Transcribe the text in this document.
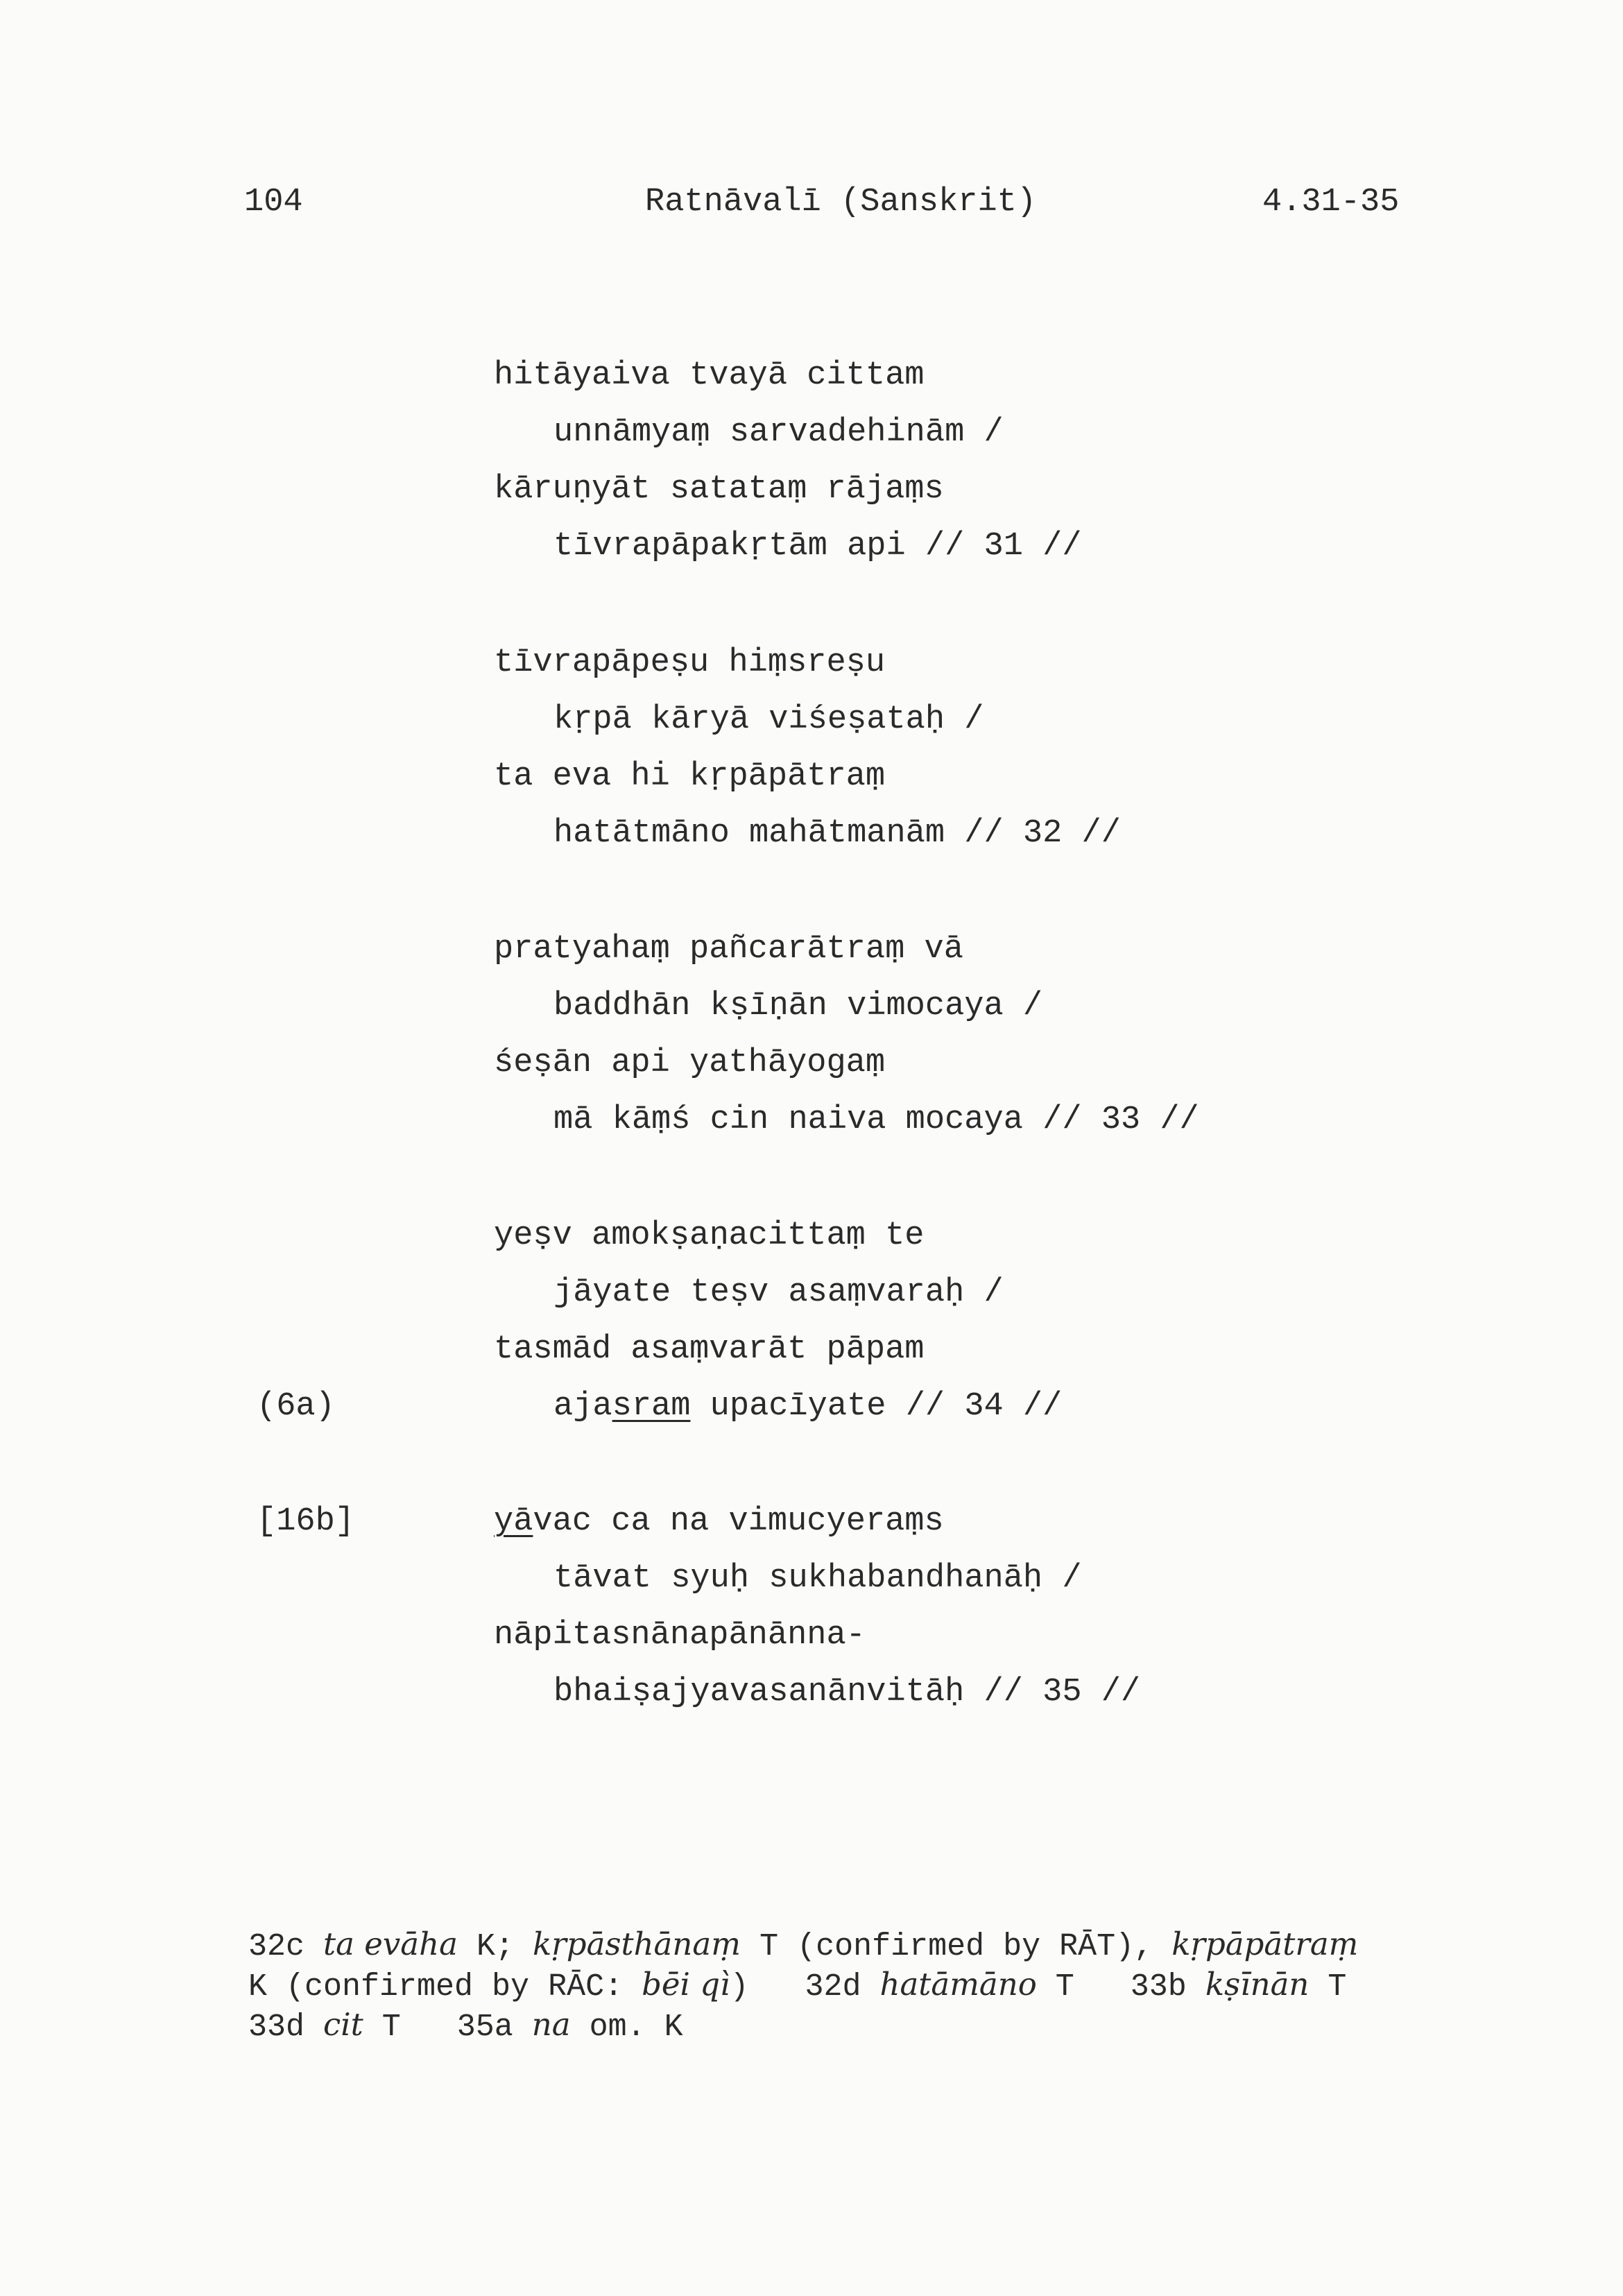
104	Ratnāvalī (Sanskrit)	4.31-35
hitāyaiva tvayā cittam
unnāmyaṃ sarvadehinām /
kāruṇyāt satataṃ rājaṃs
tīvrapāpakṛtām api // 31 //
tīvrapāpeṣu hiṃsreṣu
kṛpā kāryā viśeṣataḥ /
ta eva hi kṛpāpātraṃ
hatātmāno mahātmanām // 32 //
pratyahaṃ pañcarātraṃ vā
baddhān kṣīṇān vimocaya /
śeṣān api yathāyogaṃ
mā kāṃś cin naiva mocaya // 33 //
yeṣv amokṣaṇacittaṃ te
jāyate teṣv asaṃvaraḥ /
tasmād asaṃvarāt pāpam
ajasram upacīyate // 34 //
(6a)
yāvac ca na vimucyeraṃs
tāvat syuḥ sukhabandhanāḥ /
nāpitasnānapānānna-
bhaiṣajyavasanānvitāḥ // 35 //
[16b]
32c ta evāha K; kṛpāsthānaṃ T (confirmed by RĀT), kṛpāpātraṃ
K (confirmed by RĀC: bēi qì)   32d hatāmāno T   33b kṣīnān T
33d cit T   35a na om. K
